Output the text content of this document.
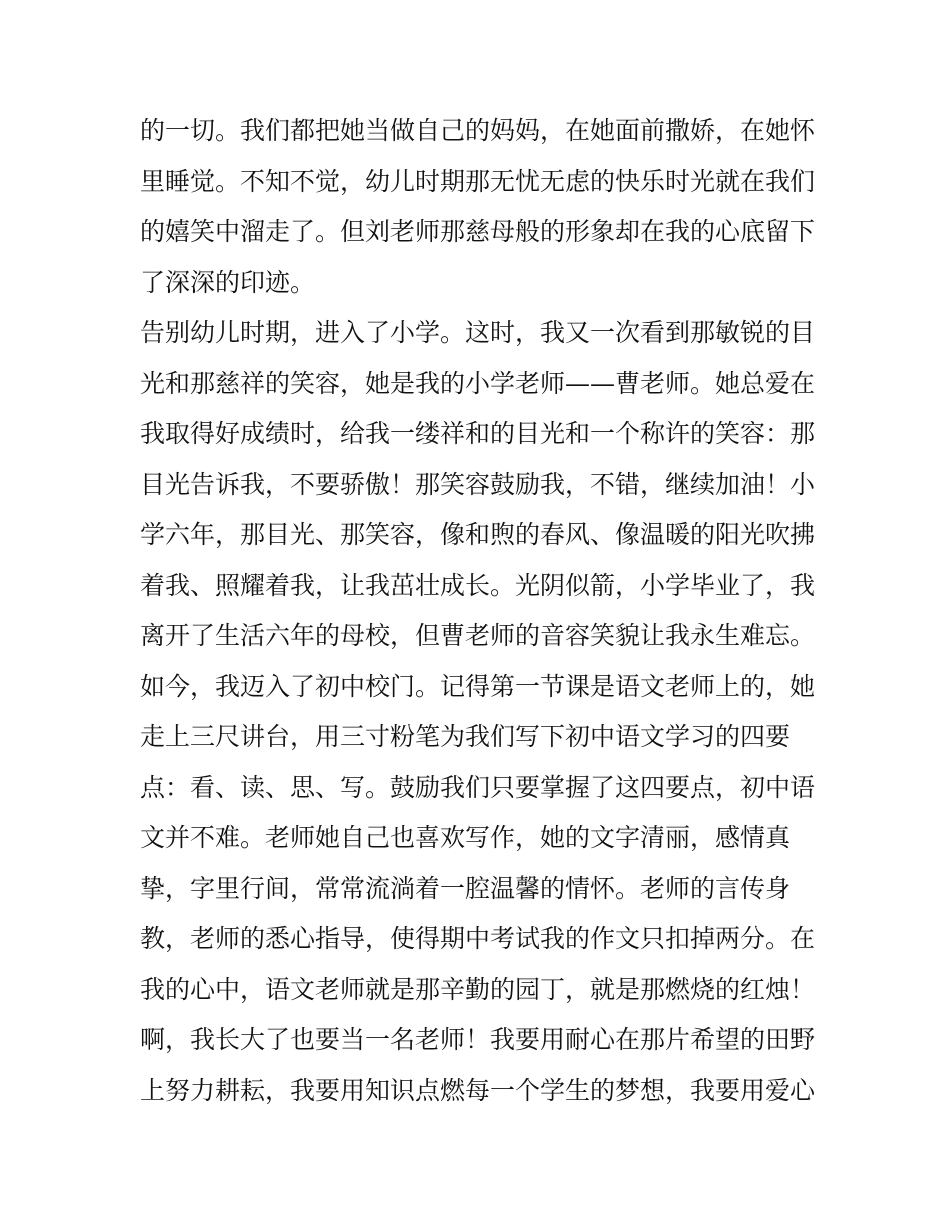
的一切。我们都把她当做自己的妈妈，在她面前撒娇，在她怀
里睡觉。不知不觉，幼儿时期那无忧无虑的快乐时光就在我们
的嬉笑中溜走了。但刘老师那慈母般的形象却在我的心底留下
了深深的印迹。
告别幼儿时期，进入了小学。这时，我又一次看到那敏锐的目
光和那慈祥的笑容，她是我的小学老师——曹老师。她总爱在
我取得好成绩时，给我一缕祥和的目光和一个称许的笑容：那
目光告诉我，不要骄傲！那笑容鼓励我，不错，继续加油！小
学六年，那目光、那笑容，像和煦的春风、像温暖的阳光吹拂
着我、照耀着我，让我茁壮成长。光阴似箭，小学毕业了，我
离开了生活六年的母校，但曹老师的音容笑貌让我永生难忘。
如今，我迈入了初中校门。记得第一节课是语文老师上的，她
走上三尺讲台，用三寸粉笔为我们写下初中语文学习的四要
点：看、读、思、写。鼓励我们只要掌握了这四要点，初中语
文并不难。老师她自己也喜欢写作，她的文字清丽，感情真
挚，字里行间，常常流淌着一腔温馨的情怀。老师的言传身
教，老师的悉心指导，使得期中考试我的作文只扣掉两分。在
我的心中，语文老师就是那辛勤的园丁，就是那燃烧的红烛！
啊，我长大了也要当一名老师！我要用耐心在那片希望的田野
上努力耕耘，我要用知识点燃每一个学生的梦想，我要用爱心
